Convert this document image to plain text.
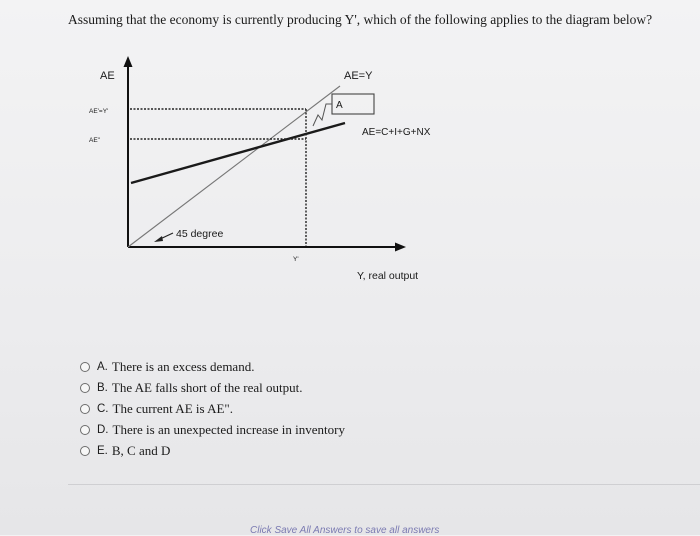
Assuming that the economy is currently producing Y', which of the following applies to the diagram below?
AE	AE=Y
AE'=Y'
AE"
A
AE=C+I+G+NX
45 degree
Y'
Y, real output
A. There is an excess demand.
B. The AE falls short of the real output.
C. The current AE is AE".
D. There is an unexpected increase in inventory
E. B, C and D
Click Save All Answers to save all answers
